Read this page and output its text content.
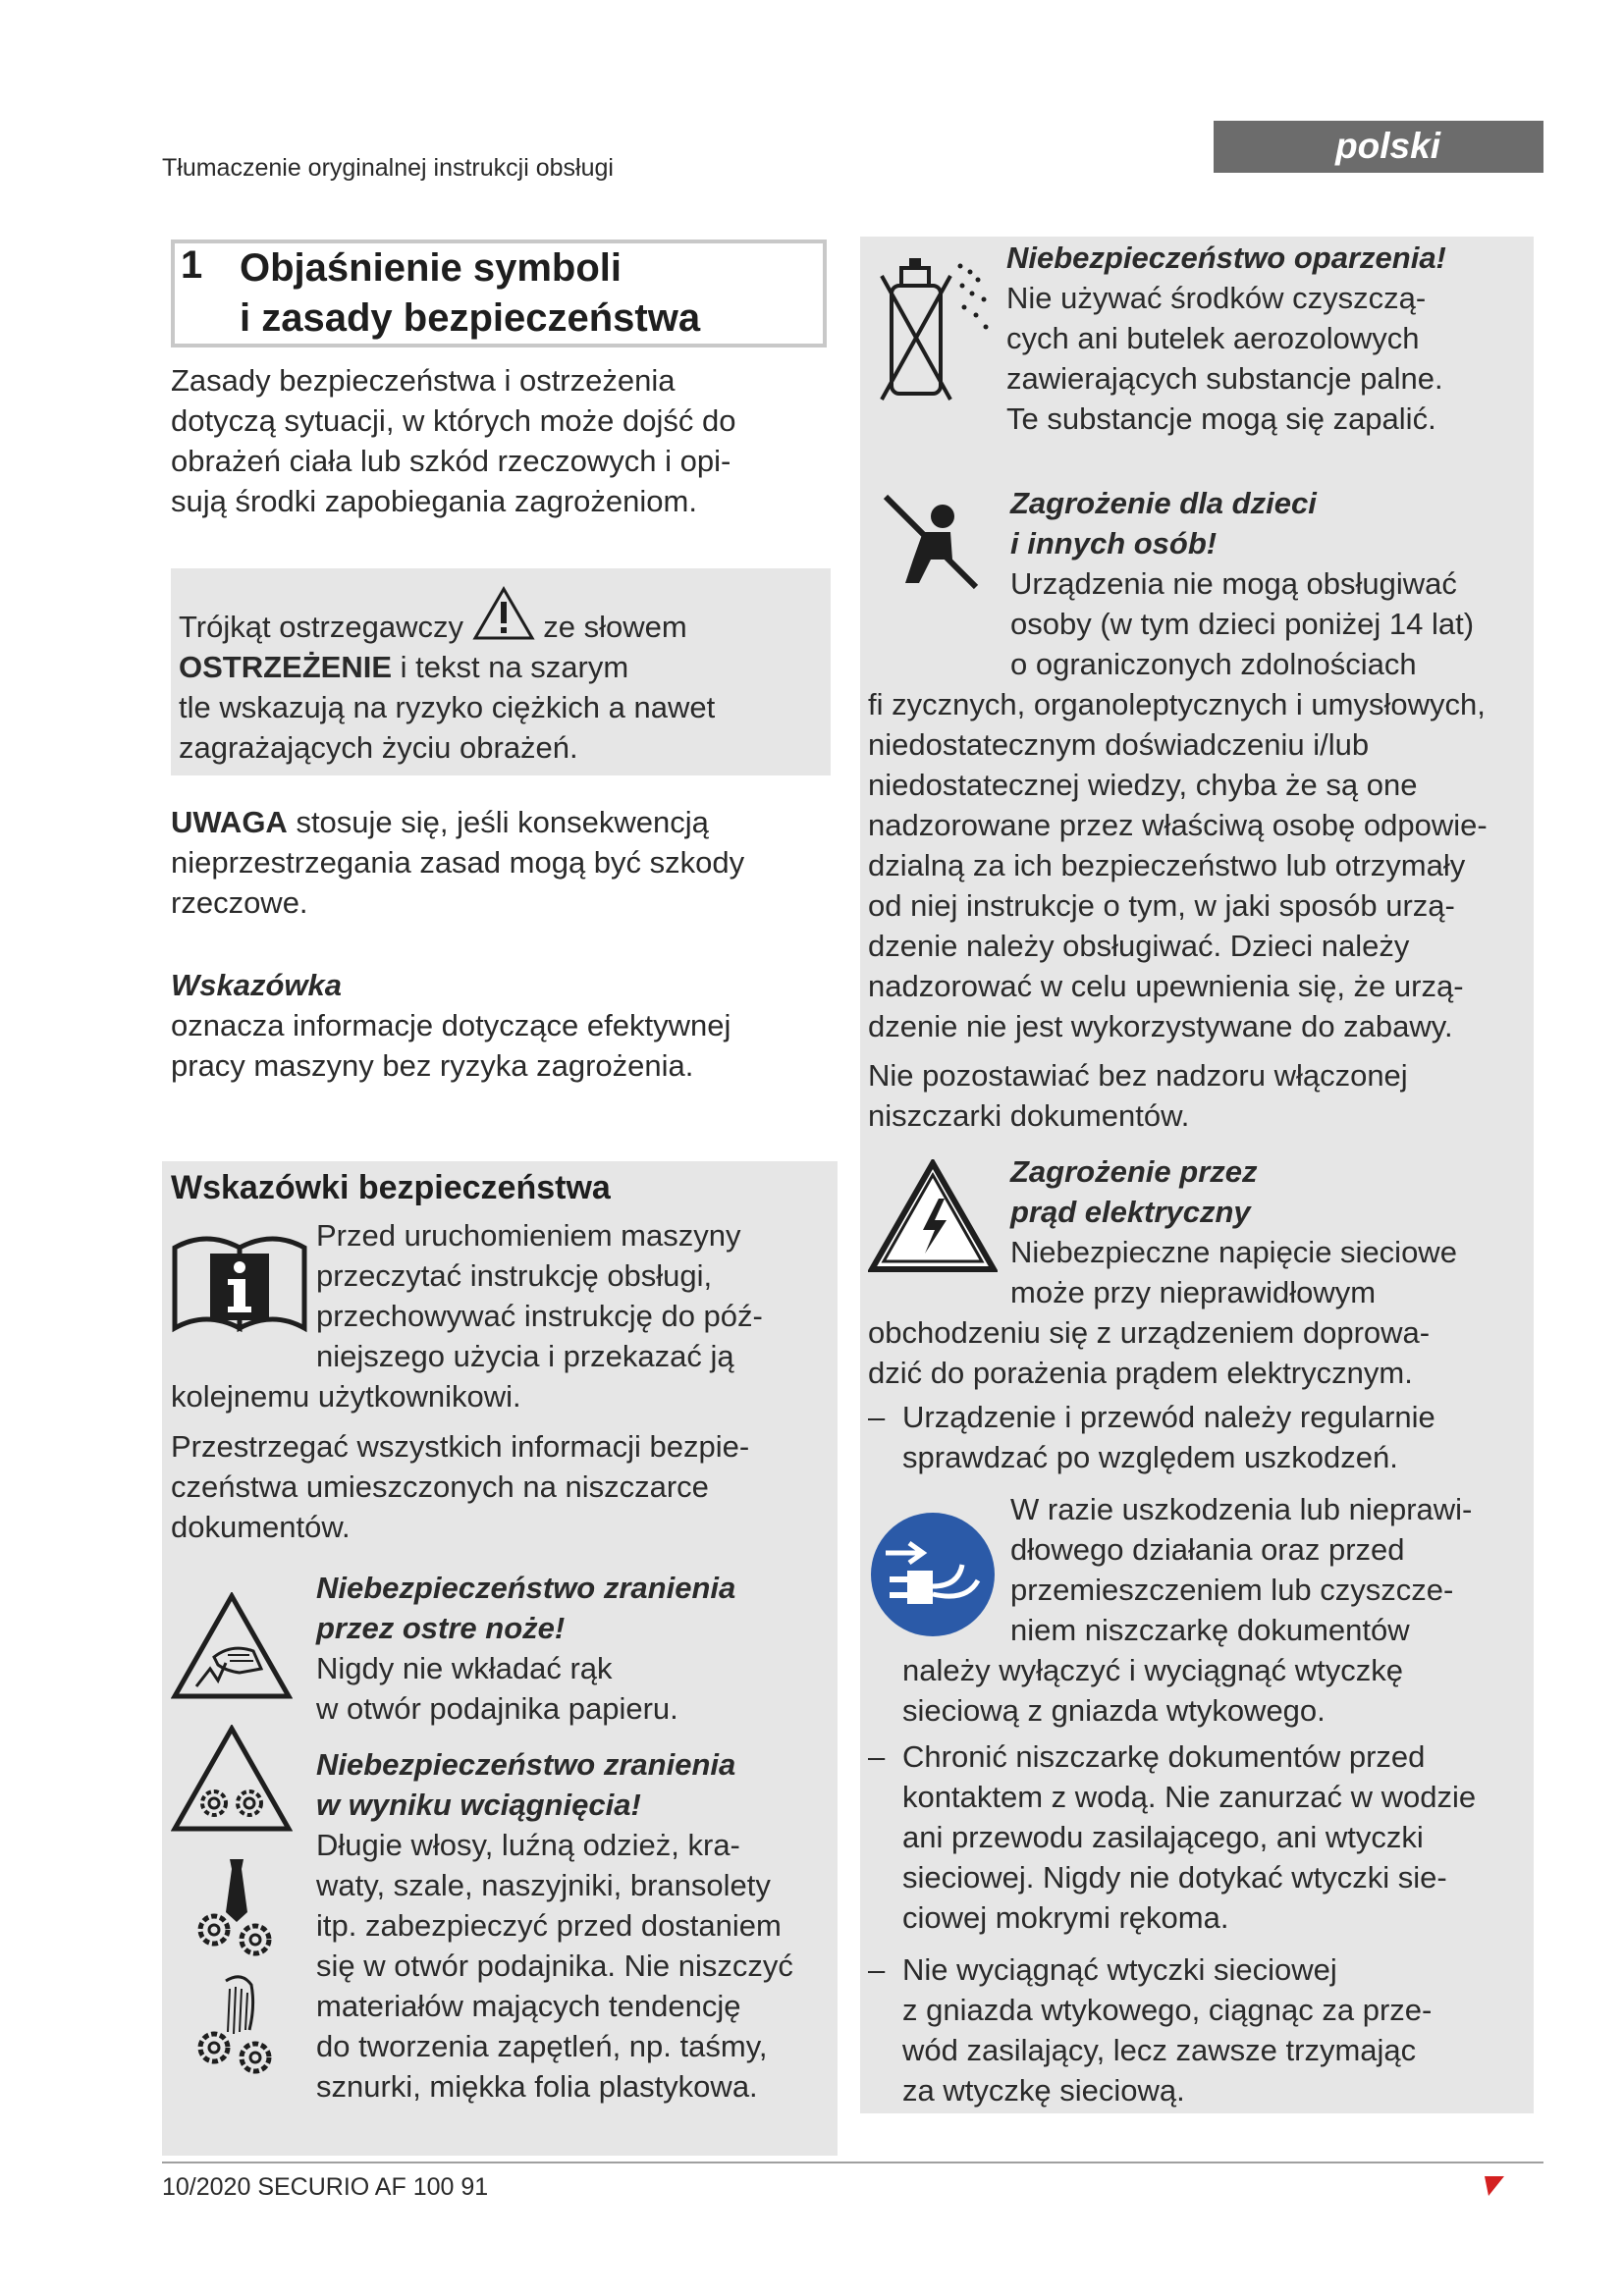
Tłumaczenie oryginalnej instrukcji obsługi
polski
1 Objaśnienie symboli
i zasady bezpieczeństwa
Zasady bezpieczeństwa i ostrzeżenia
dotyczą sytuacji, w których może dojść do
obrażeń ciała lub szkód rzeczowych i opi-
sują środki zapobiegania zagrożeniom.
Trójkąt ostrzegawczy	ze słowem
OSTRZEŻENIE i tekst na szarym
tle wskazują na ryzyko ciężkich a nawet
zagrażających życiu obrażeń.
UWAGA stosuje się, jeśli konsekwencją
nieprzestrzegania zasad mogą być szkody
rzeczowe.
Wskazówka
oznacza informacje dotyczące efektywnej
pracy maszyny bez ryzyka zagrożenia.
Wskazówki bezpieczeństwa
Przed uruchomieniem maszyny
przeczytać instrukcję obsługi,
przechowywać instrukcję do póź-
niejszego użycia i przekazać ją
kolejnemu użytkownikowi.
Przestrzegać wszystkich informacji bezpie-
czeństwa umieszczonych na niszczarce
dokumentów.
Niebezpieczeństwo zranienia
przez ostre noże!
Nigdy nie wkładać rąk
w otwór podajnika papieru.
Niebezpieczeństwo zranienia
w wyniku wciągnięcia!
Długie włosy, luźną odzież, kra-
waty, szale, naszyjniki, bransolety
itp. zabezpieczyć przed dostaniem
się w otwór podajnika. Nie niszczyć
materiałów mających tendencję
do tworzenia zapętleń, np. taśmy,
sznurki, miękka folia plastykowa.
Niebezpieczeństwo oparzenia!
Nie używać środków czyszczą-
cych ani butelek aerozolowych
zawierających substancje palne.
Te substancje mogą się zapalić.
Zagrożenie dla dzieci
i innych osób!
Urządzenia nie mogą obsługiwać
osoby (w tym dzieci poniżej 14 lat)
o ograniczonych zdolnościach
fi zycznych, organoleptycznych i umysłowych,
niedostatecznym doświadczeniu i/lub
niedostatecznej wiedzy, chyba że są one
nadzorowane przez właściwą osobę odpowie-
dzialną za ich bezpieczeństwo lub otrzymały
od niej instrukcje o tym, w jaki sposób urzą-
dzenie należy obsługiwać. Dzieci należy
nadzorować w celu upewnienia się, że urzą-
dzenie nie jest wykorzystywane do zabawy.
Nie pozostawiać bez nadzoru włączonej
niszczarki dokumentów.
Zagrożenie przez
prąd elektryczny
Niebezpieczne napięcie sieciowe
może przy nieprawidłowym
obchodzeniu się z urządzeniem doprowa-
dzić do porażenia prądem elektrycznym.
– Urządzenie i przewód należy regularnie
sprawdzać po względem uszkodzeń.
W razie uszkodzenia lub nieprawi-
dłowego działania oraz przed
przemieszczeniem lub czyszcze-
niem niszczarkę dokumentów
należy wyłączyć i wyciągnąć wtyczkę
sieciową z gniazda wtykowego.
– Chronić niszczarkę dokumentów przed
kontaktem z wodą. Nie zanurzać w wodzie
ani przewodu zasilającego, ani wtyczki
sieciowej. Nigdy nie dotykać wtyczki sie-
ciowej mokrymi rękoma.
– Nie wyciągnąć wtyczki sieciowej
z gniazda wtykowego, ciągnąc za prze-
wód zasilający, lecz zawsze trzymając
za wtyczkę sieciową.
10/2020 SECURIO AF 100 91
